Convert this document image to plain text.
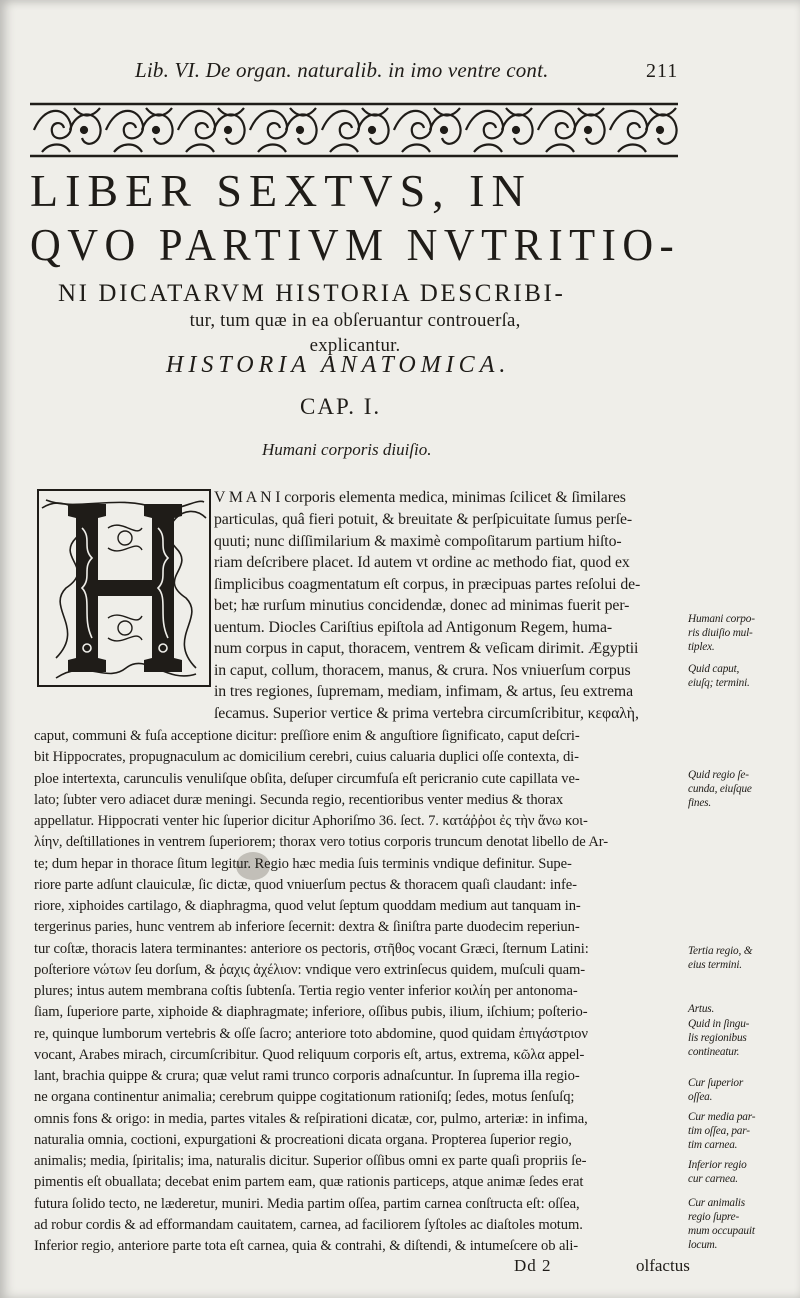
Lib. VI. De organ. naturalib. in imo ventre cont.	211
LIBER SEXTVS, IN
QVO PARTIVM NVTRITIO-
NI DICATARVM HISTORIA DESCRIBI-
tur, tum quæ in ea obſeruantur controuerſa,
explicantur.
HISTORIA ANATOMICA.
CAP. I.
Humani corporis diuiſio.
V M A N I corporis elementa medica, minimas ſcilicet & ſimilares
particulas, quâ fieri potuit, & breuitate & perſpicuitate ſumus perſe-
quuti; nunc diſſimilarium & maximè compoſitarum partium hiſto-
riam deſcribere placet. Id autem vt ordine ac methodo fiat, quod ex
ſimplicibus coagmentatum eſt corpus, in præcipuas partes reſolui de-
bet; hæ rurſum minutius concidendæ, donec ad minimas fuerit per-
uentum. Diocles Cariſtius epiſtola ad Antigonum Regem, huma-
num corpus in caput, thoracem, ventrem & veſicam dirimit. Ægyptii
in caput, collum, thoracem, manus, & crura. Nos vniuerſum corpus
in tres regiones, ſupremam, mediam, infimam, & artus, ſeu extrema
ſecamus. Superior vertice & prima vertebra circumſcribitur, κεφαλὴ,
caput, communi & fuſa acceptione dicitur: preſſiore enim & anguſtiore ſignificato, caput deſcri-
bit Hippocrates, propugnaculum ac domicilium cerebri, cuius caluaria duplici oſſe contexta, di-
ploe intertexta, carunculis venuliſque obſita, deſuper circumfuſa eſt pericranio cute capillata ve-
lato; ſubter vero adiacet duræ meningi. Secunda regio, recentioribus venter medius & thorax
appellatur. Hippocrati venter hic ſuperior dicitur Aphoriſmo 36. ſect. 7. κατάῤῥοι ἐς τὴν ἄνω κοι-
λίην, deſtillationes in ventrem ſuperiorem; thorax vero totius corporis truncum denotat libello de Ar-
te; dum hepar in thorace ſitum legitur. Regio hæc media ſuis terminis vndique definitur. Supe-
riore parte adſunt clauiculæ, ſic dictæ, quod vniuerſum pectus & thoracem quaſi claudant: infe-
riore, xiphoides cartilago, & diaphragma, quod velut ſeptum quoddam medium aut tanquam in-
tergerinus paries, hunc ventrem ab inferiore ſecernit: dextra & ſiniſtra parte duodecim reperiun-
tur coſtæ, thoracis latera terminantes: anteriore os pectoris, στῆθος vocant Græci, ſternum Latini:
poſteriore νώτων ſeu dorſum, & ῥαχις ἀχέλιον: vndique vero extrinſecus quidem, muſculi quam-
plures; intus autem membrana coſtis ſubtenſa. Tertia regio venter inferior κοιλίη per antonoma-
ſiam, ſuperiore parte, xiphoide & diaphragmate; inferiore, oſſibus pubis, ilium, iſchium; poſterio-
re, quinque lumborum vertebris & oſſe ſacro; anteriore toto abdomine, quod quidam ἐπιγάστριον
vocant, Arabes mirach, circumſcribitur. Quod reliquum corporis eſt, artus, extrema, κῶλα appel-
lant, brachia quippe & crura; quæ velut rami trunco corporis adnaſcuntur. In ſuprema illa regio-
ne organa continentur animalia; cerebrum quippe cogitationum rationiſq; ſedes, motus ſenſuſq;
omnis fons & origo: in media, partes vitales & reſpirationi dicatæ, cor, pulmo, arteriæ: in infima,
naturalia omnia, coctioni, expurgationi & procreationi dicata organa. Propterea ſuperior regio,
animalis; media, ſpiritalis; ima, naturalis dicitur. Superior oſſibus omni ex parte quaſi propriis ſe-
pimentis eſt obuallata; decebat enim partem eam, quæ rationis particeps, atque animæ ſedes erat
futura ſolido tecto, ne læderetur, muniri. Media partim oſſea, partim carnea conſtructa eſt: oſſea,
ad robur cordis & ad efformandam cauitatem, carnea, ad faciliorem ſyſtoles ac diaſtoles motum.
Inferior regio, anteriore parte tota eſt carnea, quia & contrahi, & diſtendi, & intumeſcere ob ali-
Humani corpo-
ris diuiſio mul-
tiplex.
Quid caput,
eiuſq; termini.
Quid regio ſe-
cunda, eiuſque
fines.
Tertia regio, &
eius termini.
Artus.
Quid in ſingu-
lis regionibus
contineatur.
Cur ſuperior
oſſea.
Cur media par-
tim oſſea, par-
tim carnea.
Inferior regio
cur carnea.
Cur animalis
regio ſupre-
mum occupauit
locum.
Dd 2	olfactus
